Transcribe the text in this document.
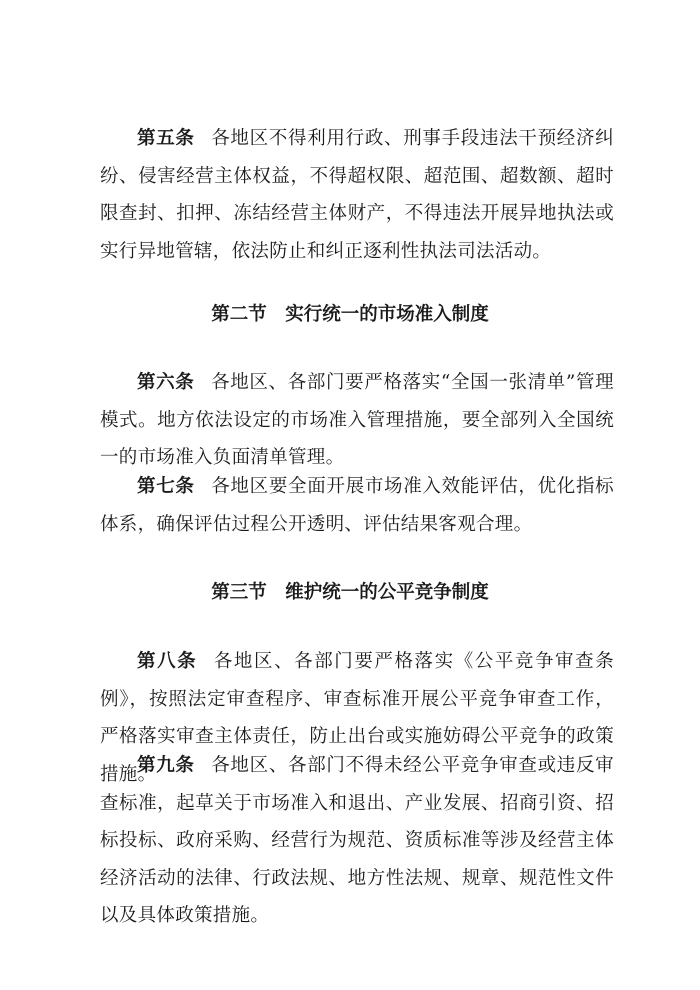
第五条 各地区不得利用行政、刑事手段违法干预经济纠纷、侵害经营主体权益，不得超权限、超范围、超数额、超时限查封、扣押、冻结经营主体财产，不得违法开展异地执法或实行异地管辖，依法防止和纠正逐利性执法司法活动。

第二节 实行统一的市场准入制度

第六条 各地区、各部门要严格落实“全国一张清单”管理模式。地方依法设定的市场准入管理措施，要全部列入全国统一的市场准入负面清单管理。

第七条 各地区要全面开展市场准入效能评估，优化指标体系，确保评估过程公开透明、评估结果客观合理。

第三节 维护统一的公平竞争制度

第八条 各地区、各部门要严格落实《公平竞争审查条例》，按照法定审查程序、审查标准开展公平竞争审查工作，严格落实审查主体责任，防止出台或实施妨碍公平竞争的政策措施。

第九条 各地区、各部门不得未经公平竞争审查或违反审查标准，起草关于市场准入和退出、产业发展、招商引资、招标投标、政府采购、经营行为规范、资质标准等涉及经营主体经济活动的法律、行政法规、地方性法规、规章、规范性文件以及具体政策措施。
